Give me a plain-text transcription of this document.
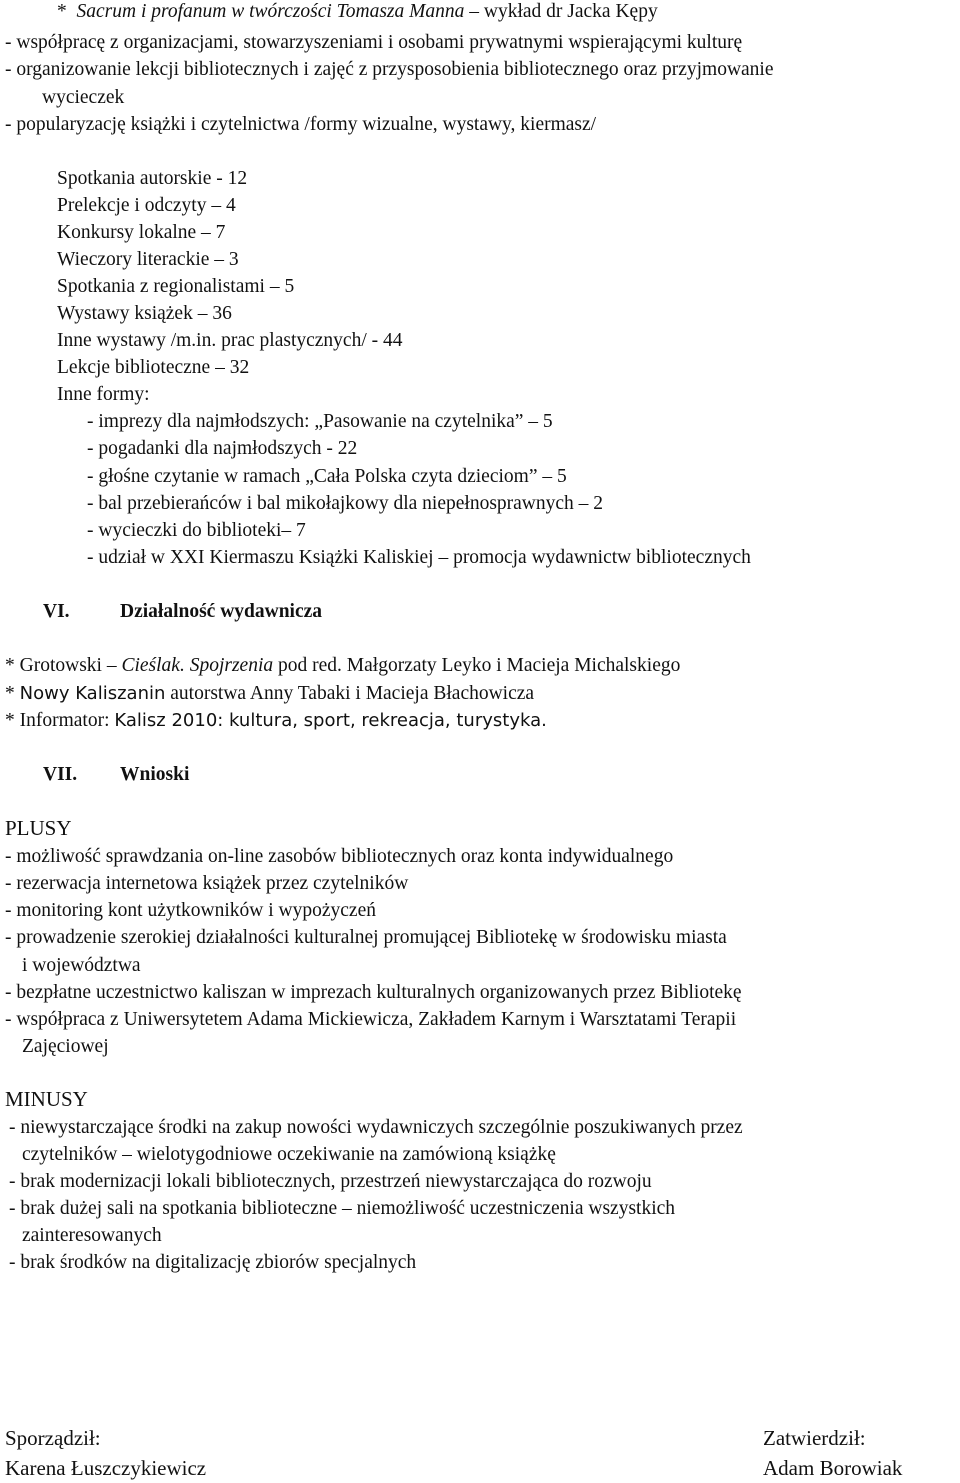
* Sacrum i profanum w twórczości Tomasza Manna – wykład dr Jacka Kępy
- współpracę z organizacjami, stowarzyszeniami i osobami prywatnymi wspierającymi kulturę
- organizowanie lekcji bibliotecznych i zajęć z przysposobienia bibliotecznego oraz przyjmowanie
wycieczek
- popularyzację książki i czytelnictwa /formy wizualne, wystawy, kiermasz/
Spotkania autorskie - 12
Prelekcje i odczyty – 4
Konkursy lokalne – 7
Wieczory literackie – 3
Spotkania z regionalistami – 5
Wystawy książek – 36
Inne wystawy /m.in. prac plastycznych/ - 44
Lekcje biblioteczne – 32
Inne formy:
- imprezy dla najmłodszych: „Pasowanie na czytelnika” – 5
- pogadanki dla najmłodszych - 22
- głośne czytanie w ramach „Cała Polska czyta dzieciom” – 5
- bal przebierańców i bal mikołajkowy dla niepełnosprawnych – 2
- wycieczki do biblioteki– 7
- udział w XXI Kiermaszu Książki Kaliskiej – promocja wydawnictw bibliotecznych
VI.	Działalność wydawnicza
* Grotowski – Cieślak. Spojrzenia pod red. Małgorzaty Leyko i Macieja Michalskiego
* Nowy Kaliszanin autorstwa Anny Tabaki i Macieja Błachowicza
* Informator: Kalisz 2010: kultura, sport, rekreacja, turystyka.
VII. Wnioski
PLUSY
- możliwość sprawdzania on-line zasobów bibliotecznych oraz konta indywidualnego
- rezerwacja internetowa książek przez czytelników
- monitoring kont użytkowników i wypożyczeń
- prowadzenie szerokiej działalności kulturalnej promującej Bibliotekę w środowisku miasta
i województwa
- bezpłatne uczestnictwo kaliszan w imprezach kulturalnych organizowanych przez Bibliotekę
- współpraca z Uniwersytetem Adama Mickiewicza, Zakładem Karnym i Warsztatami Terapii
Zajęciowej
MINUSY
- niewystarczające środki na zakup nowości wydawniczych szczególnie poszukiwanych przez
czytelników – wielotygodniowe oczekiwanie na zamówioną książkę
- brak modernizacji lokali bibliotecznych, przestrzeń niewystarczająca do rozwoju
- brak dużej sali na spotkania biblioteczne – niemożliwość uczestniczenia wszystkich
zainteresowanych
- brak środków na digitalizację zbiorów specjalnych
Sporządził:
Karena Łuszczykiewicz
Zatwierdził:
Adam Borowiak
